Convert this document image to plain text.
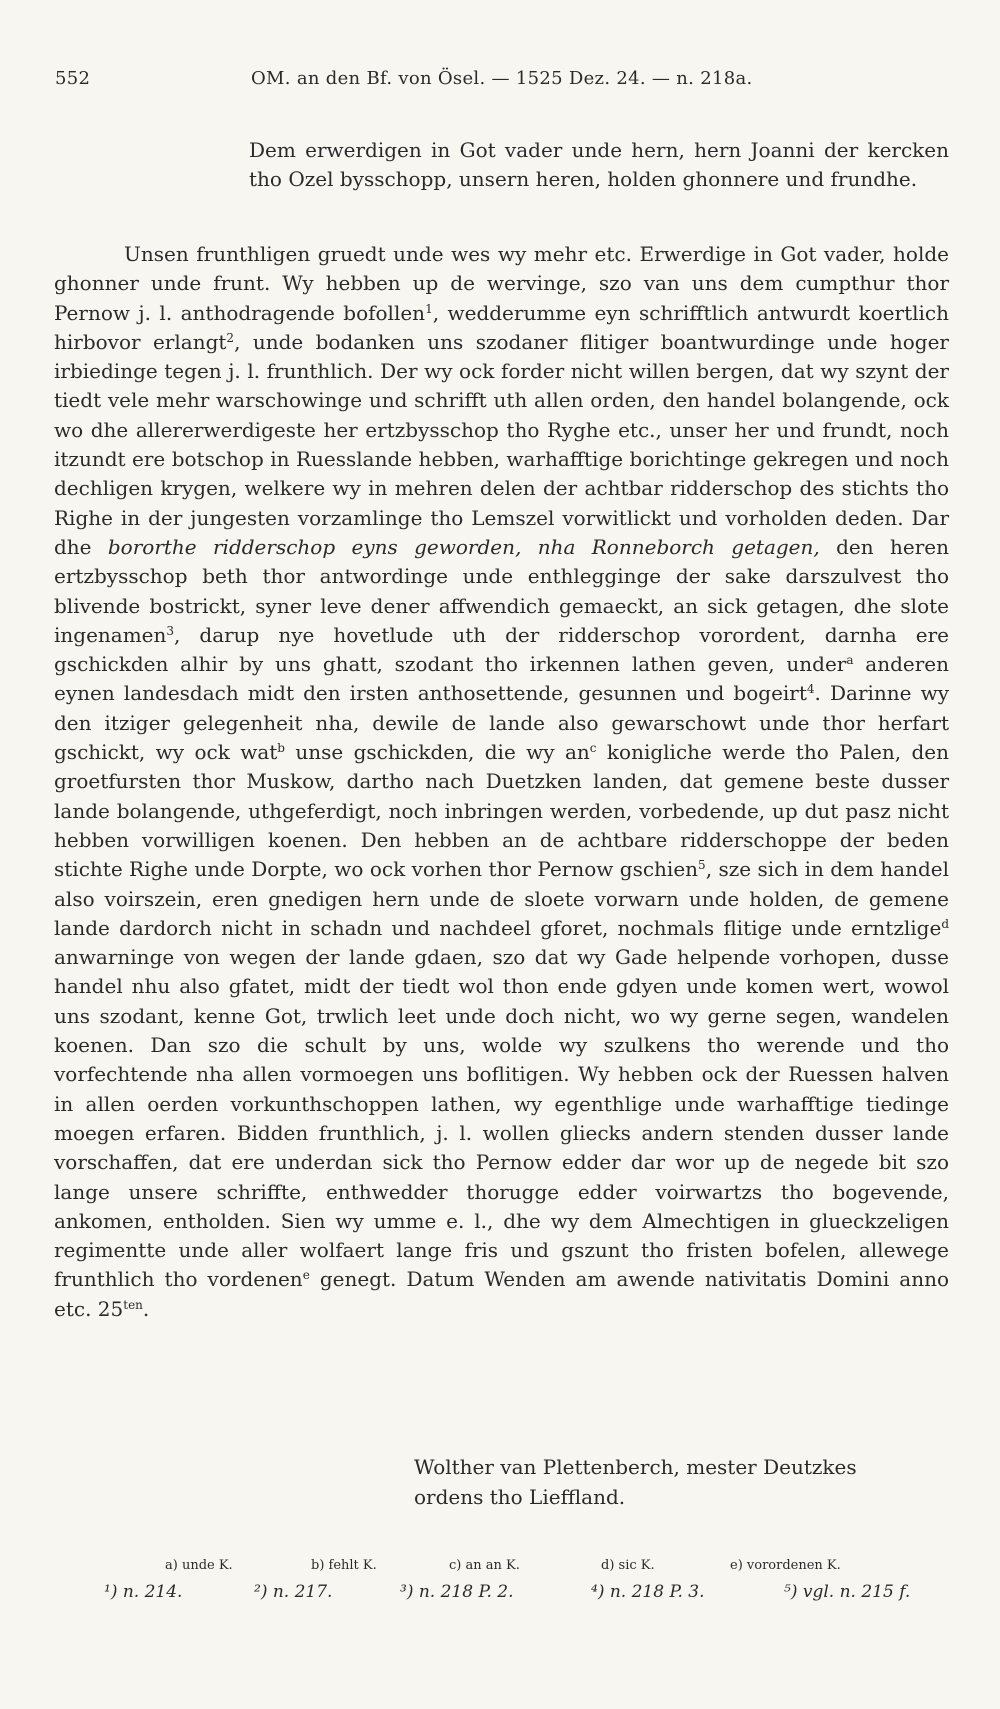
552	OM. an den Bf. von Ösel. — 1525 Dez. 24. — n. 218a.
Dem erwerdigen in Got vader unde hern, hern Joanni der kercken tho Ozel bysschopp, unsern heren, holden ghonnere und frundhe.

Unsen frunthligen gruedt unde wes wy mehr etc. Erwerdige in Got vader, holde ghonner unde frunt. Wy hebben up de wervinge, szo van uns dem cumpthur thor Pernow j. l. anthodragende bofollen$^1$, wedderumme eyn schrifftlich antwurdt koertlich hirbovor erlangt$^2$, unde bodanken uns szodaner flitiger boantwurdinge unde hoger irbiedinge tegen j. l. frunthlich. Der wy ock forder nicht willen bergen, dat wy szynt der tiedt vele mehr warschowinge und schrifft uth allen orden, den handel bolangende, ock wo dhe allererwerdigeste her ertzbysschop tho Ryghe etc., unser her und frundt, noch itzundt ere botschop in Ruesslande hebben, warhafftige borichtinge gekregen und noch dechligen krygen, welkere wy in mehren delen der achtbar ridderschop des stichts tho Righe in der jungesten vorzamlinge tho Lemszel vorwitlickt und vorholden deden. Dar dhe bororthe ridderschop eyns geworden, nha Ronneborch getagen, den heren ertzbysschop beth thor antwordinge unde enthlegginge der sake darszulvest tho blivende bostrickt, syner leve dener affwendich gemaeckt, an sick getagen, dhe slote ingenamen$^3$, darup nye hovetlude uth der ridderschop vorordent, darnha ere gschickden alhir by uns ghatt, szodant tho irkennen lathen geven, under$^a$ anderen eynen landesdach midt den irsten anthosettende, gesunnen und bogeirt$^4$. Darinne wy den itziger gelegenheit nha, dewile de lande also gewarschowt unde thor herfart gschickt, wy ock wat$^b$ unse gschickden, die wy $an^c$ konigliche werde tho Palen, den groetfursten thor Muskow, dartho nach Duetzken landen, dat gemene beste dusser lande bolangende, uthgeferdigt, noch inbringen werden, vorbedende, up dut pasz nicht hebben vorwilligen koenen. Den hebben an de achtbare ridderschoppe der beden stichte Righe unde Dorpte, wo ock vorhen thor Pernow gschien$^5$, sze sich in dem handel also voirszein, eren gnedigen hern unde de sloete vorwarn unde holden, de gemene lande dardorch nicht in schadn und nachdeel gforet, nochmals flitige unde erntzlige$^d$ anwarninge von wegen der lande gdaen, szo dat wy Gade helpende vorhopen, dusse handel nhu also gfatet, midt der tiedt wol thon ende gdyen unde komen wert, wowol uns szodant, kenne Got, trwlich leet unde doch nicht, wo wy gerne segen, wandelen koenen. Dan szo die schult by uns, wolde wy szulkens tho werende und tho vorfechtende nha allen vormoegen uns boflitigen. Wy hebben ock der Ruessen halven in allen oerden vorkunthschoppen lathen, wy egenthlige unde warhafftige tiedinge moegen erfaren. Bidden frunthlich, j. l. wollen gliecks andern stenden dusser lande vorschaffen, dat ere underdan sick tho Pernow edder dar wor up de negede bit szo lange unsere schriffte, enthwedder thorugge edder voirwartzs tho bogevende, ankomen, entholden. Sien wy umme e. l., dhe wy dem Almechtigen in glueckzeligen regimentte unde aller wolfaert lange fris und gszunt tho fristen bofelen, allewege frunthlich tho vordenen$^e$ genegt. Datum Wenden am awende nativitatis Domini anno etc. $25^{ten}$.

Wolther van Plettenberch, mester Deutzkes
ordens tho Lieffland.
a) unde K.	b) fehlt K.	c) an an K.	d) sic K.	e) vorordenen K.
¹) n. 214.	²) n. 217.	³) n. 218 P. 2.	⁴) n. 218 P. 3.	⁵) vgl. n. 215 f.
